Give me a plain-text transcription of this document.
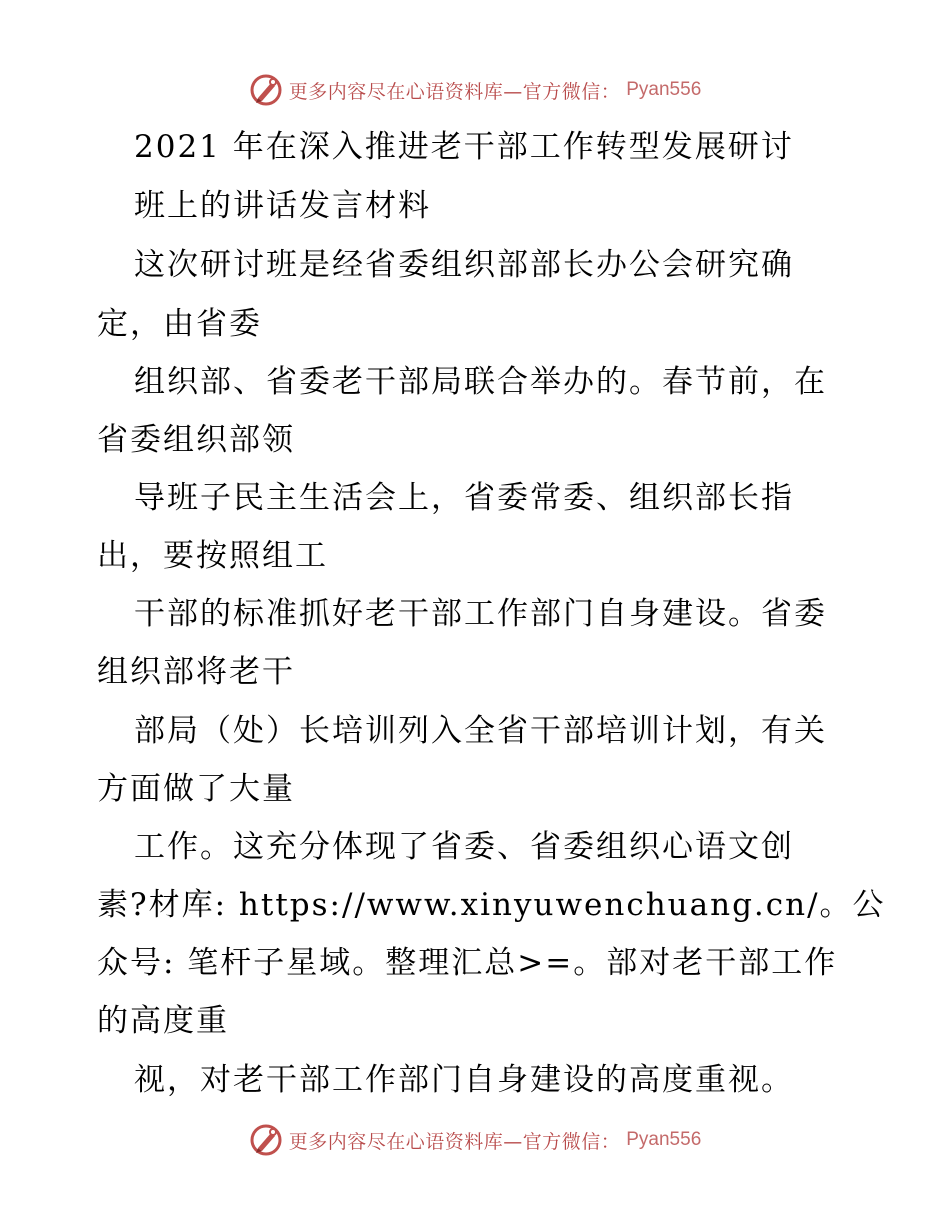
更多内容尽在心语资料库—官方微信： Pyan556
2021 年在深入推进老干部工作转型发展研讨
班上的讲话发言材料
这次研讨班是经省委组织部部长办公会研究确
定，由省委
组织部、省委老干部局联合举办的。春节前，在
省委组织部领
导班子民主生活会上，省委常委、组织部长指
出，要按照组工
干部的标准抓好老干部工作部门自身建设。省委
组织部将老干
部局（处）长培训列入全省干部培训计划，有关
方面做了大量
工作。这充分体现了省委、省委组织心语文创
素?材库: https://www.xinyuwenchuang.cn/。公
众号: 笔杆子星域。整理汇总>=。部对老干部工作
的高度重
视，对老干部工作部门自身建设的高度重视。
更多内容尽在心语资料库—官方微信： Pyan556
